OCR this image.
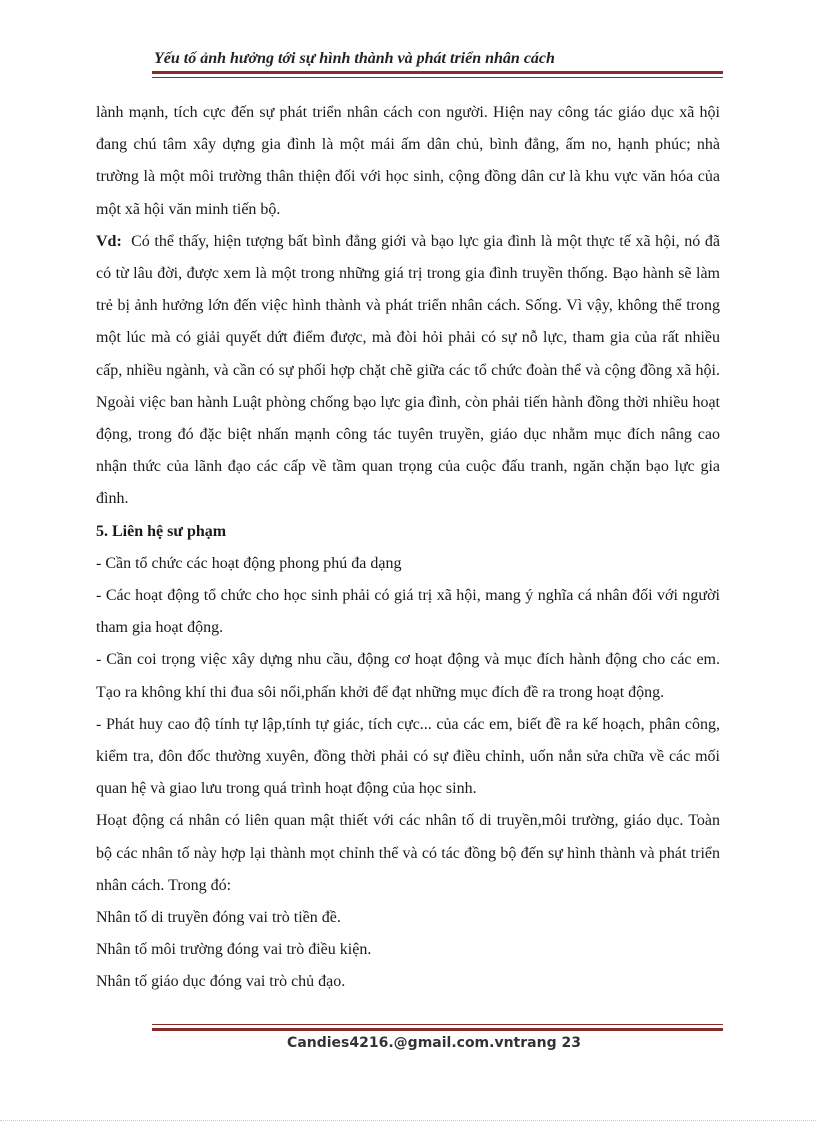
Yếu tố ảnh hưởng tới sự hình thành và phát triển nhân cách

lành mạnh, tích cực đến sự phát triển nhân cách con người. Hiện nay công tác giáo dục xã hội đang chú tâm xây dựng gia đình là một mái ấm dân chủ, bình đẳng, ấm no, hạnh phúc; nhà trường là một môi trường thân thiện đối với học sinh, cộng đồng dân cư là khu vực văn hóa của một xã hội văn minh tiến bộ.

Vd: Có thể thấy, hiện tượng bất bình đẳng giới và bạo lực gia đình là một thực tế xã hội, nó đã có từ lâu đời, được xem là một trong những giá trị trong gia đình truyền thống. Bạo hành sẽ làm trẻ bị ảnh hưởng lớn đến việc hình thành và phát triển nhân cách. Sống. Vì vậy, không thể trong một lúc mà có giải quyết dứt điểm được, mà đòi hỏi phải có sự nỗ lực, tham gia của rất nhiều cấp, nhiều ngành, và cần có sự phối hợp chặt chẽ giữa các tổ chức đoàn thể và cộng đồng xã hội. Ngoài việc ban hành Luật phòng chống bạo lực gia đình, còn phải tiến hành đồng thời nhiều hoạt động, trong đó đặc biệt nhấn mạnh công tác tuyên truyền, giáo dục nhằm mục đích nâng cao nhận thức của lãnh đạo các cấp về tầm quan trọng của cuộc đấu tranh, ngăn chặn bạo lực gia đình.

5. Liên hệ sư phạm

- Cần tổ chức các hoạt động phong phú đa dạng

- Các hoạt động tổ chức cho học sinh phải có giá trị xã hội, mang ý nghĩa cá nhân đối với người tham gia hoạt động.

- Cần coi trọng việc xây dựng nhu cầu, động cơ hoạt động và mục đích hành động cho các em. Tạo ra không khí thi đua sôi nổi,phấn khởi để đạt những mục đích đề ra trong hoạt động.

- Phát huy cao độ tính tự lập,tính tự giác, tích cực... của các em, biết đề ra kế hoạch, phân công, kiểm tra, đôn đốc thường xuyên, đồng thời phải có sự điều chỉnh, uốn nắn sửa chữa về các mối quan hệ và giao lưu trong quá trình hoạt động của học sinh.

Hoạt động cá nhân có liên quan mật thiết với các nhân tố di truyền,môi trường, giáo dục. Toàn bộ các nhân tố này hợp lại thành mọt chỉnh thể và có tác đồng bộ đến sự hình thành và phát triển nhân cách. Trong đó:

Nhân tố di truyền đóng vai trò tiền đề.

Nhân tố môi trường đóng vai trò điều kiện.

Nhân tố giáo dục đóng vai trò chủ đạo.

Candies4216.@gmail.com.vntrang 23
